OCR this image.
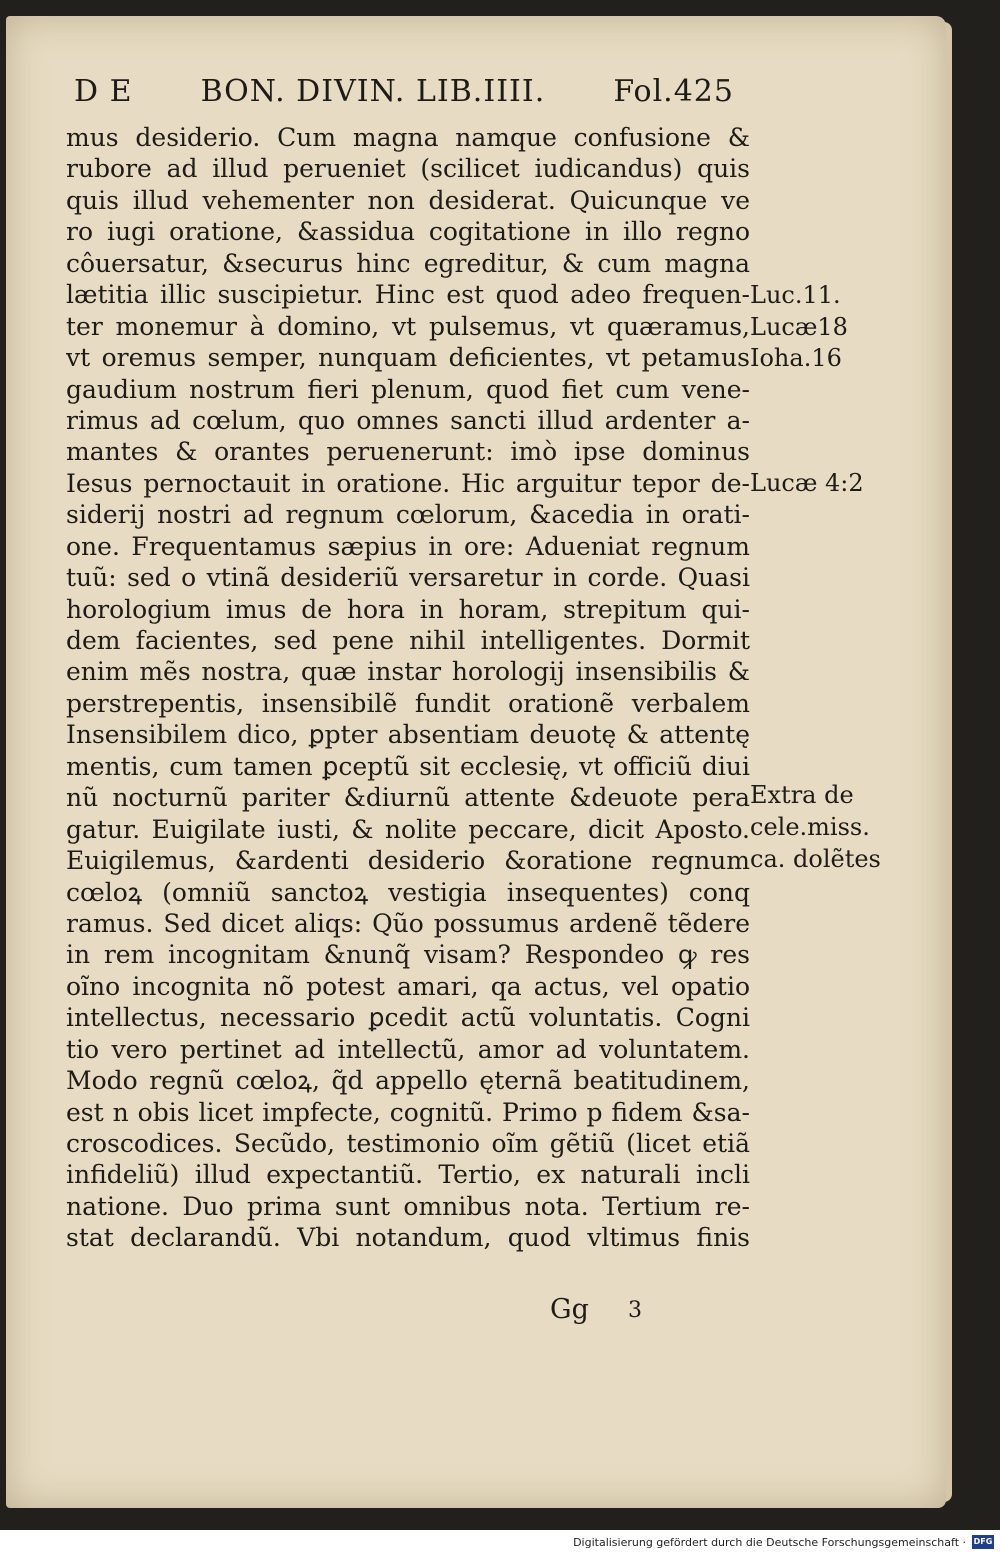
D E BON. DIVIN. LIB.IIII. Fol.425
mus desiderio. Cum magna namque confusione &
rubore ad illud perueniet (scilicet iudicandus) quis
quis illud vehementer non desiderat. Quicunque ve
ro iugi oratione, &assidua cogitatione in illo regno
côuersatur, &securus hinc egreditur, & cum magna
lætitia illic suscipietur. Hinc est quod adeo frequen-
ter monemur à domino, vt pulsemus, vt quæramus,
vt oremus semper, nunquam deficientes, vt petamus
gaudium nostrum fieri plenum, quod fiet cum vene-
rimus ad cœlum, quo omnes sancti illud ardenter a-
mantes & orantes peruenerunt: imò ipse dominus
Iesus pernoctauit in oratione. Hic arguitur tepor de-
siderij nostri ad regnum cœlorum, &acedia in orati-
one. Frequentamus sæpius in ore: Adueniat regnum
tuũ: sed o vtinã desideriũ versaretur in corde. Quasi
horologium imus de hora in horam, strepitum qui-
dem facientes, sed pene nihil intelligentes. Dormit
enim mẽs nostra, quæ instar horologij insensibilis &
perstrepentis, insensibilẽ fundit orationẽ verbalem
Insensibilem dico, ꝑpter absentiam deuotę & attentę
mentis, cum tamen ꝑceptũ sit ecclesię, vt officiũ diui
nũ nocturnũ pariter &diurnũ attente &deuote pera
gatur. Euigilate iusti, & nolite peccare, dicit Aposto.
Euigilemus, &ardenti desiderio &oratione regnum
cœloꝝ (omniũ sanctoꝝ vestigia insequentes) conq
ramus. Sed dicet aliqs: Qũo possumus ardenẽ tẽdere
in rem incognitam &nunq̃ visam? Respondeo ꝙ res
oĩno incognita nõ potest amari, qa actus, vel opatio
intellectus, necessario ꝑcedit actũ voluntatis. Cogni
tio vero pertinet ad intellectũ, amor ad voluntatem.
Modo regnũ cœloꝝ, q̃d appello ęternã beatitudinem,
est n obis licet impfecte, cognitũ. Primo p fidem &sa-
croscodices. Secũdo, testimonio oĩm gẽtiũ (licet etiã
infideliũ) illud expectantiũ. Tertio, ex naturali incli
natione. Duo prima sunt omnibus nota. Tertium re-
stat declarandũ. Vbi notandum, quod vltimus finis
Luc.11.
Lucæ18
Ioha.16
Lucæ 4:2
Extra de
cele.miss.
ca. dolẽtes
Gg 3
Digitalisierung gefördert durch die Deutsche Forschungsgemeinschaft · DFG
